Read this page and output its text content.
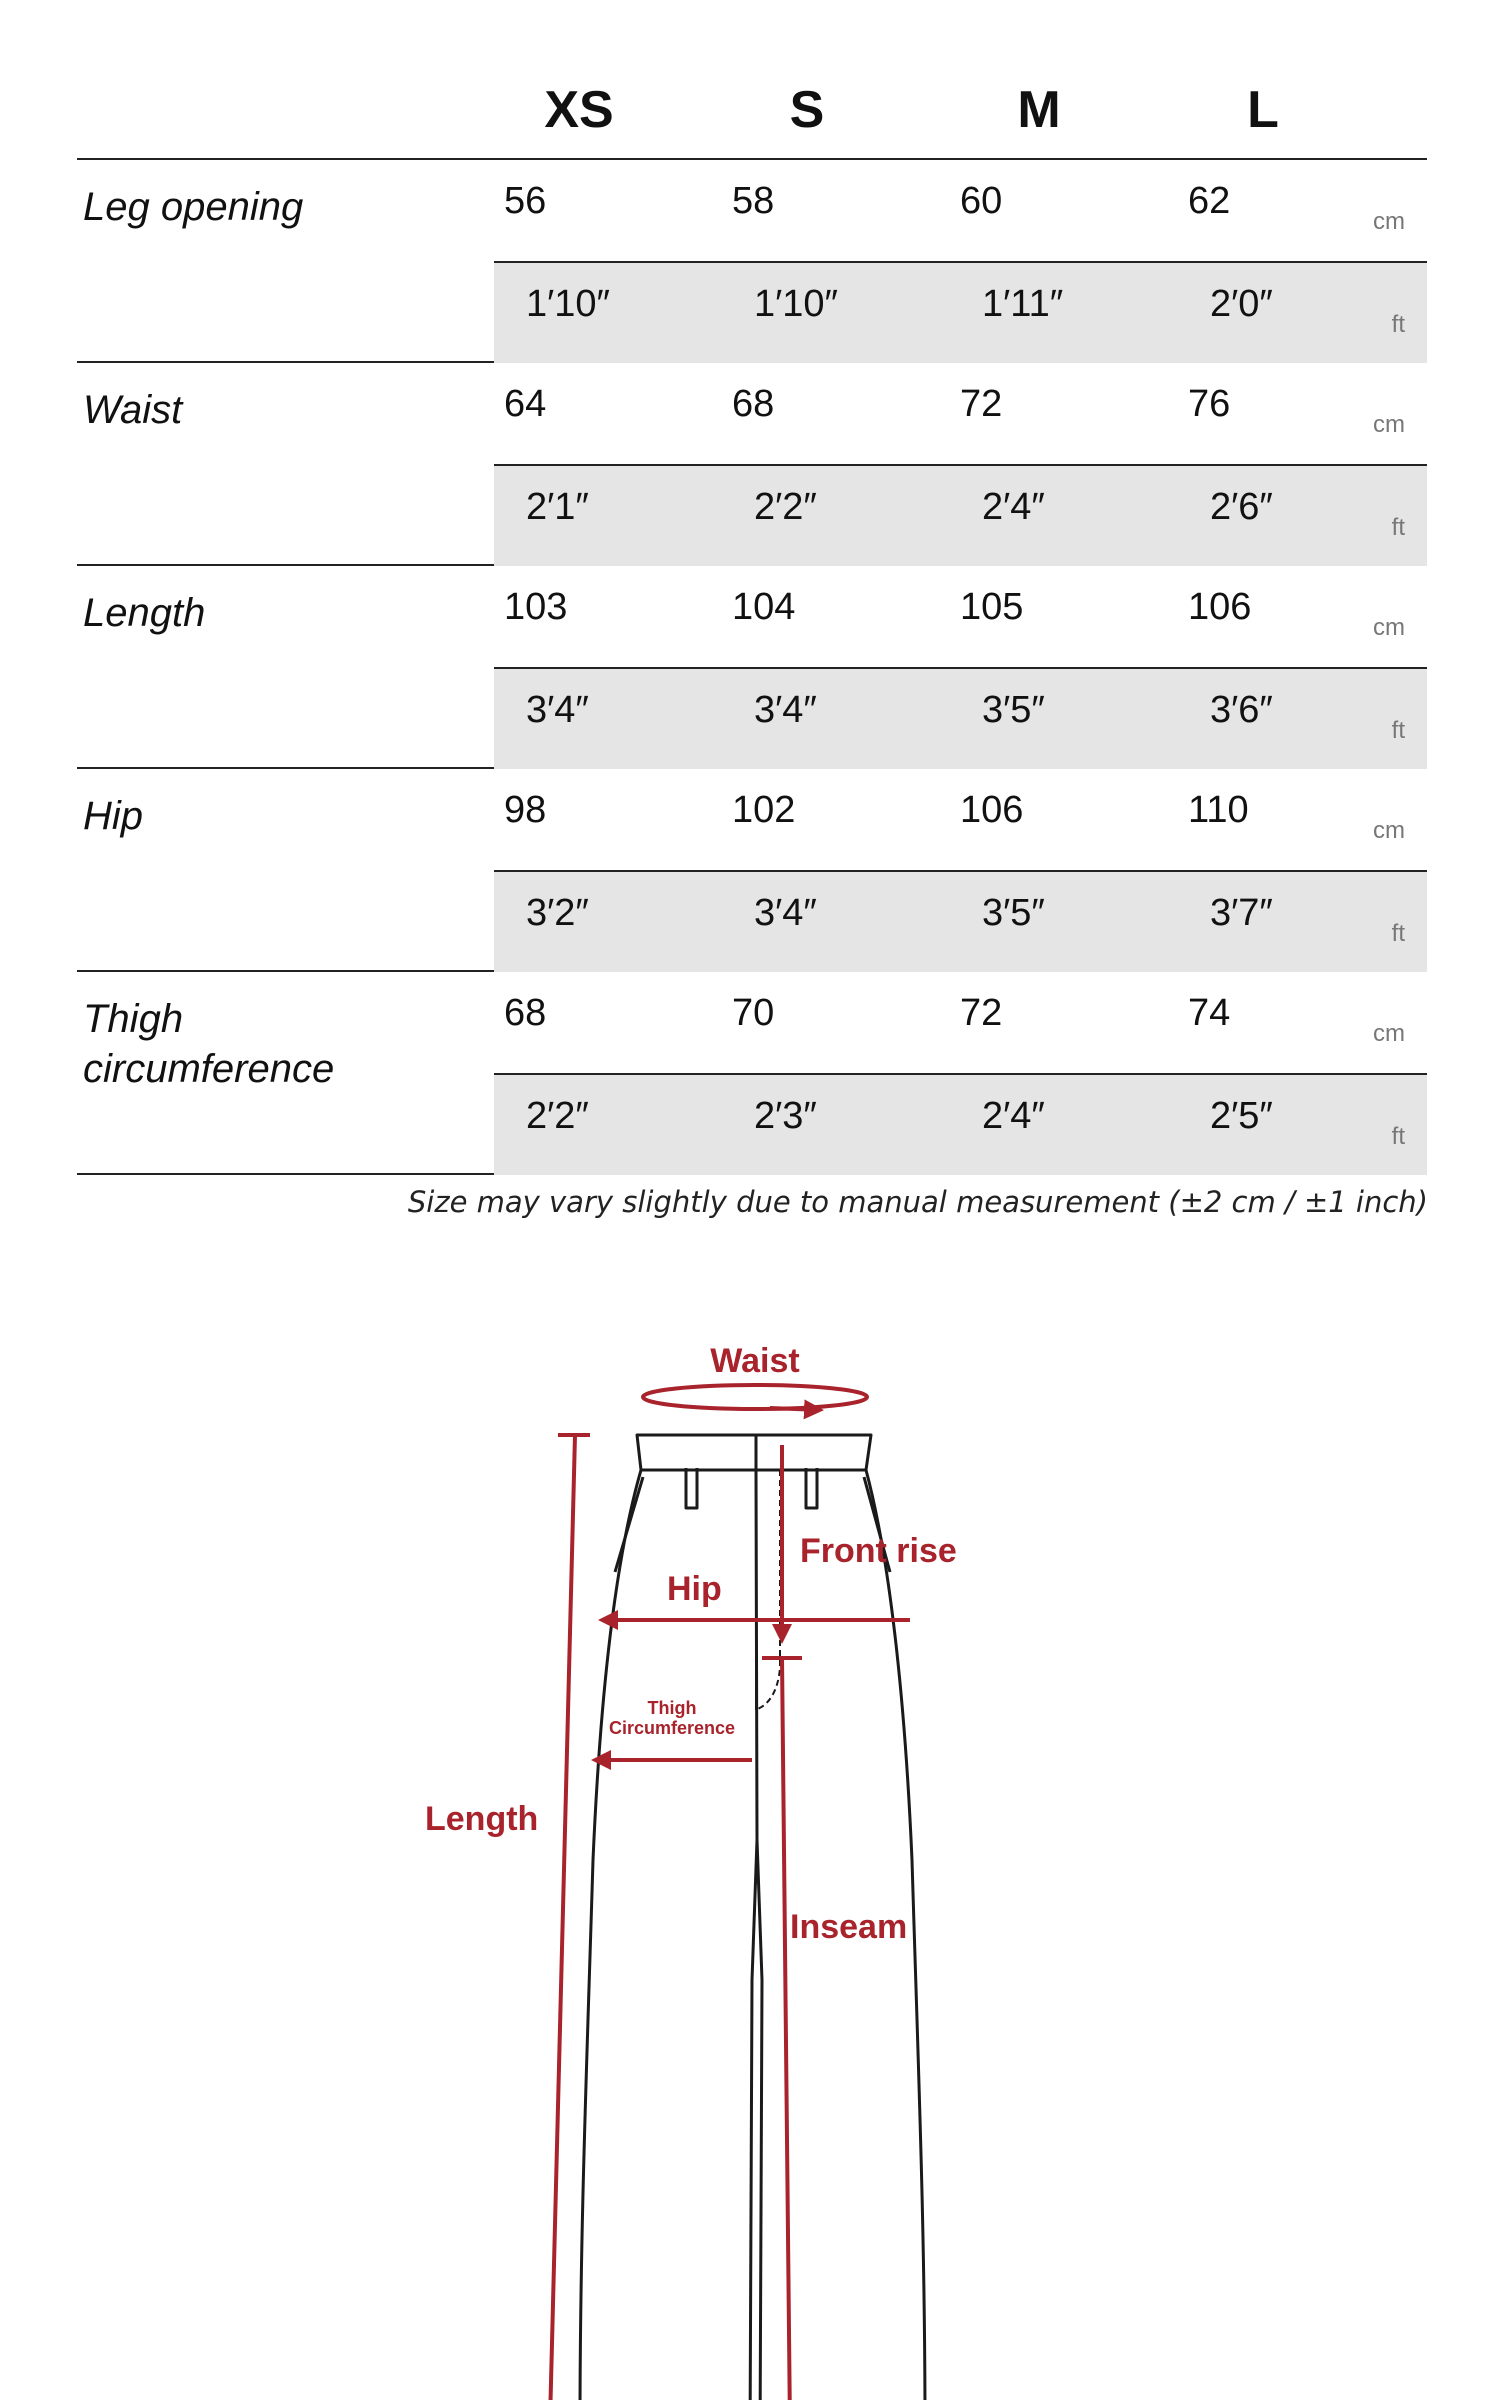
XS	S	M	L
Leg opening	56	58	60	62	cm
1′10″	1′10″	1′11″	2′0″	ft
Waist	64	68	72	76	cm
2′1″	2′2″	2′4″	2′6″	ft
Length	103	104	105	106	cm
3′4″	3′4″	3′5″	3′6″	ft
Hip	98	102	106	110	cm
3′2″	3′4″	3′5″	3′7″	ft
Thigh
circumference
68	70	72	74	cm
2′2″	2′3″	2′4″	2′5″	ft
Size may vary slightly due to manual measurement (±2 cm / ±1 inch)
Waist
Front rise
Hip
Thigh
Circumference
Length
Inseam
